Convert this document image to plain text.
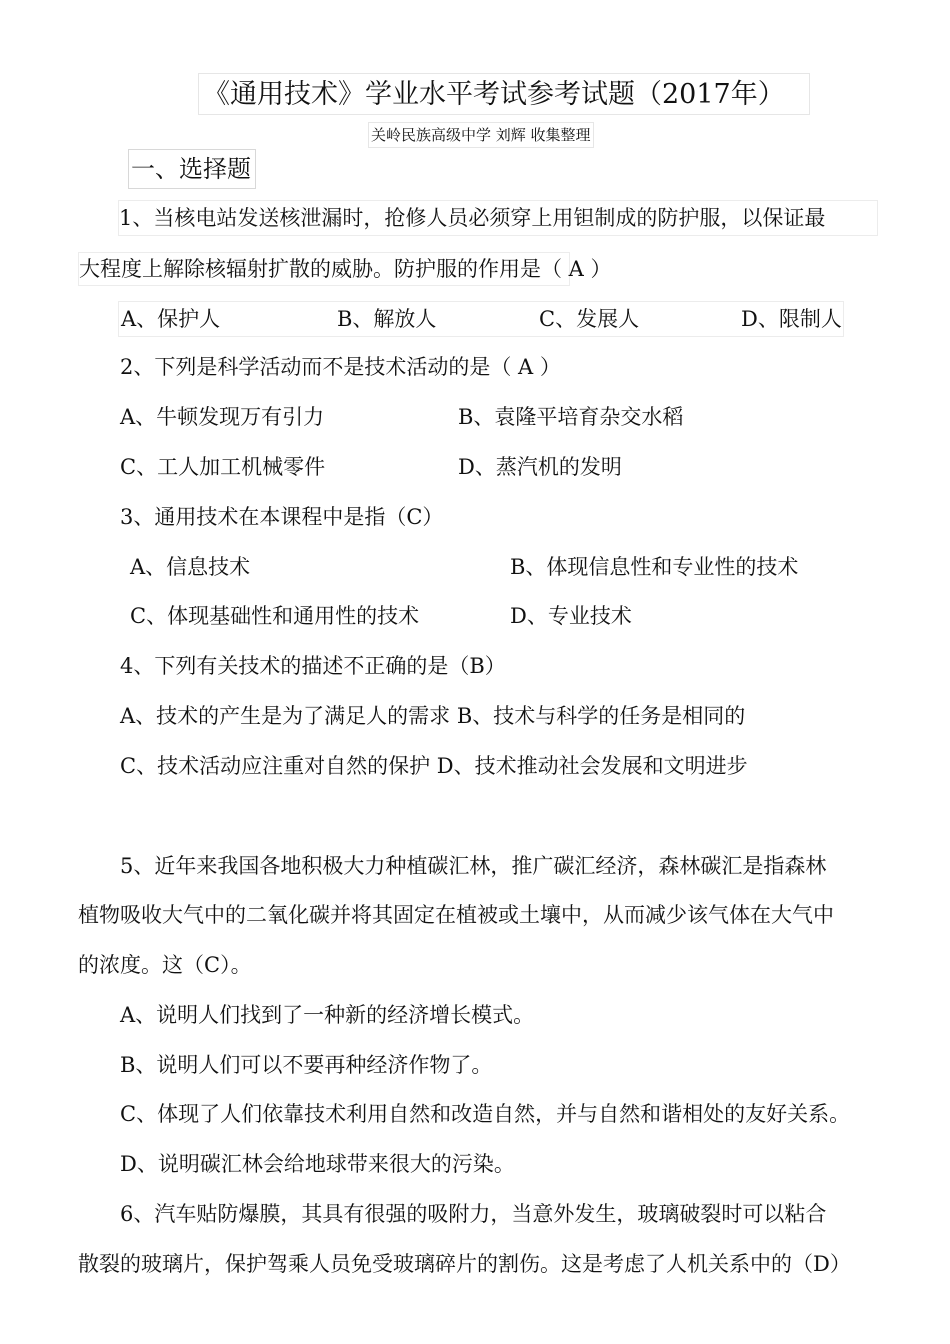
《通用技术》学业水平考试参考试题（2017年）
关岭民族高级中学 刘辉 收集整理
一、选择题
1、当核电站发送核泄漏时，抢修人员必须穿上用钽制成的防护服，以保证最
大程度上解除核辐射扩散的威胁。防护服的作用是（ A ）
A、保护人	B、解放人	C、发展人	D、限制人
2、下列是科学活动而不是技术活动的是（ A ）
A、牛顿发现万有引力	B、袁隆平培育杂交水稻
C、工人加工机械零件	D、蒸汽机的发明
3、通用技术在本课程中是指（C）
A、信息技术	B、体现信息性和专业性的技术
C、体现基础性和通用性的技术	D、专业技术
4、下列有关技术的描述不正确的是（B）
A、技术的产生是为了满足人的需求 B、技术与科学的任务是相同的
C、技术活动应注重对自然的保护 D、技术推动社会发展和文明进步
5、近年来我国各地积极大力种植碳汇林，推广碳汇经济，森林碳汇是指森林
植物吸收大气中的二氧化碳并将其固定在植被或土壤中，从而减少该气体在大气中
的浓度。这（C）。
A、说明人们找到了一种新的经济增长模式。
B、说明人们可以不要再种经济作物了。
C、体现了人们依靠技术利用自然和改造自然，并与自然和谐相处的友好关系。
D、说明碳汇林会给地球带来很大的污染。
6、汽车贴防爆膜，其具有很强的吸附力，当意外发生，玻璃破裂时可以粘合
散裂的玻璃片，保护驾乘人员免受玻璃碎片的割伤。这是考虑了人机关系中的（D）
